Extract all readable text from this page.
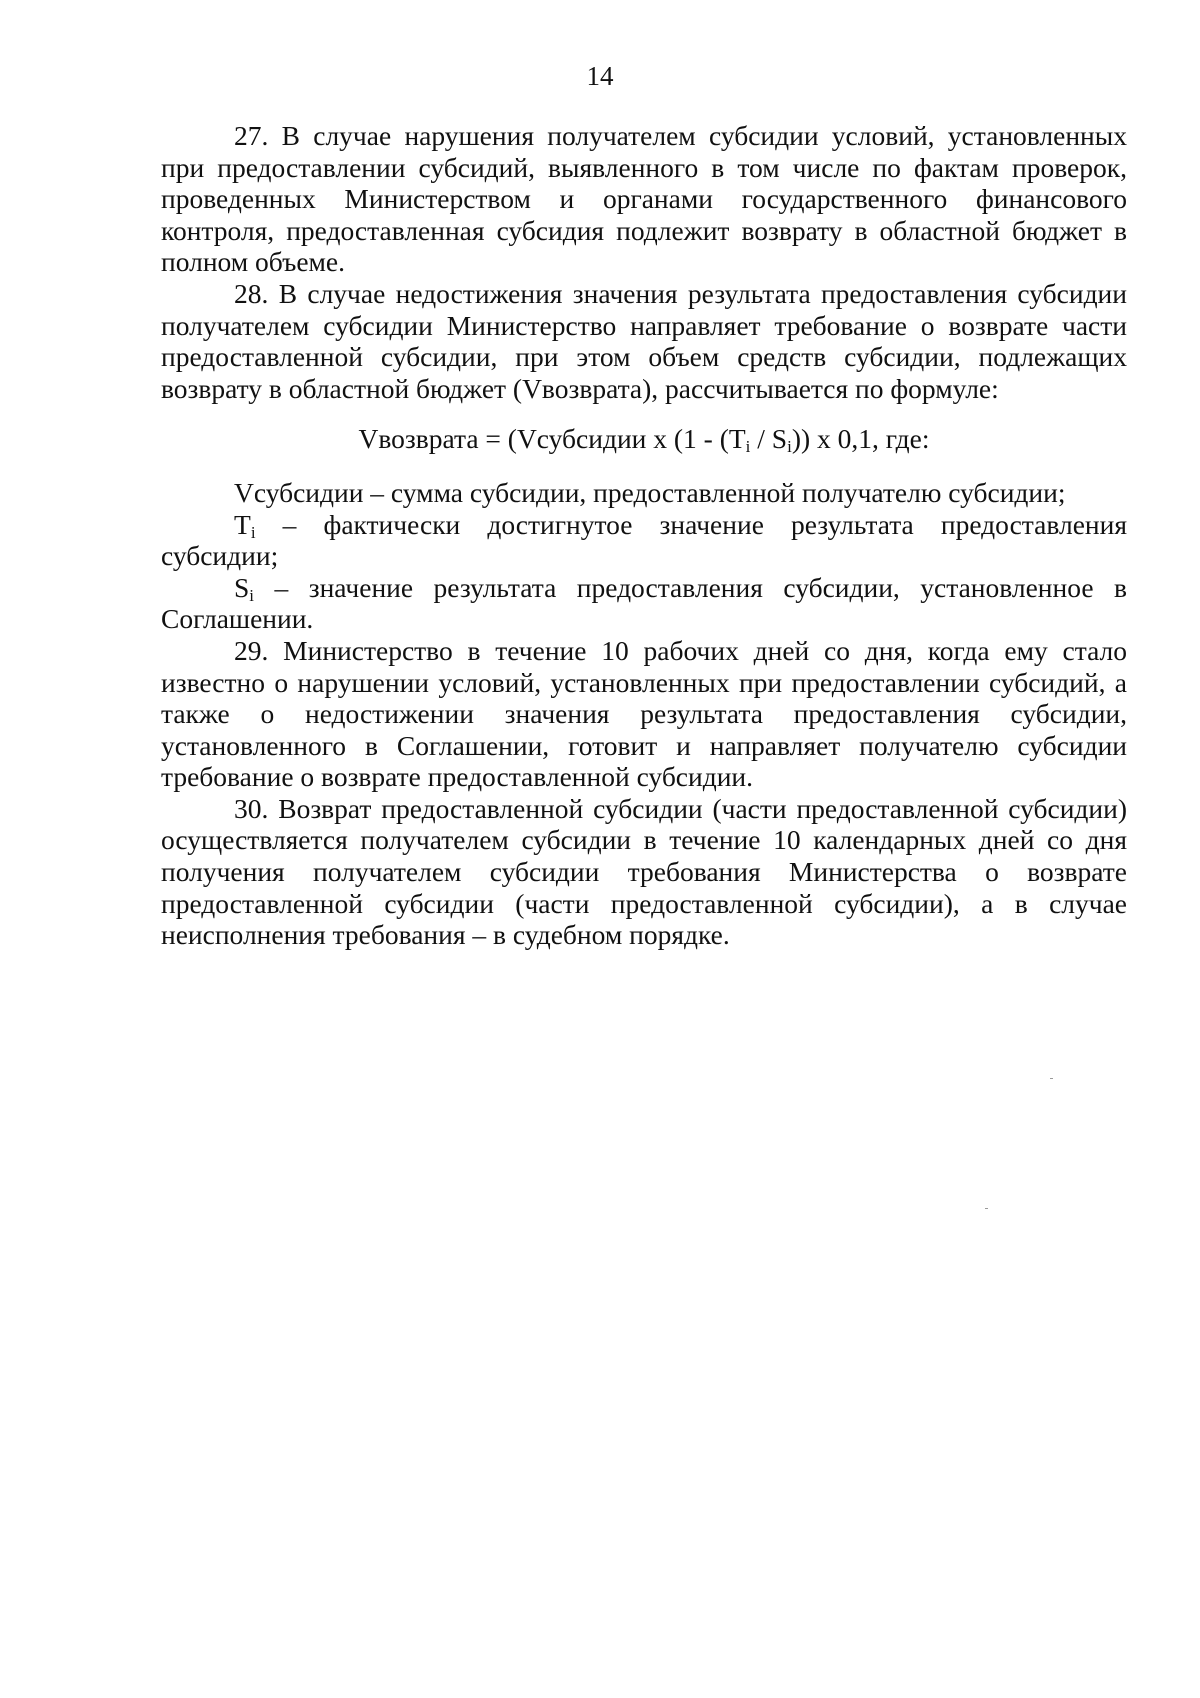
14

27. В случае нарушения получателем субсидии условий, установленных при предоставлении субсидий, выявленного в том числе по фактам проверок, проведенных Министерством и органами государственного финансового контроля, предоставленная субсидия подлежит возврату в областной бюджет в полном объеме.

28. В случае недостижения значения результата предоставления субсидии получателем субсидии Министерство направляет требование о возврате части предоставленной субсидии, при этом объем средств субсидии, подлежащих возврату в областной бюджет (Vвозврата), рассчитывается по формуле:

Vвозврата = (Vсубсидии x $(1 - (T_i / S_i))$ x 0,1, где:

Vсубсидии – сумма субсидии, предоставленной получателю субсидии;

$T_i$ – фактически достигнутое значение результата предоставления субсидии;

$S_i$ – значение результата предоставления субсидии, установленное в Соглашении.

29. Министерство в течение 10 рабочих дней со дня, когда ему стало известно о нарушении условий, установленных при предоставлении субсидий, а также о недостижении значения результата предоставления субсидии, установленного в Соглашении, готовит и направляет получателю субсидии требование о возврате предоставленной субсидии.

30. Возврат предоставленной субсидии (части предоставленной субсидии) осуществляется получателем субсидии в течение 10 календарных дней со дня получения получателем субсидии требования Министерства о возврате предоставленной субсидии (части предоставленной субсидии), а в случае неисполнения требования – в судебном порядке.
